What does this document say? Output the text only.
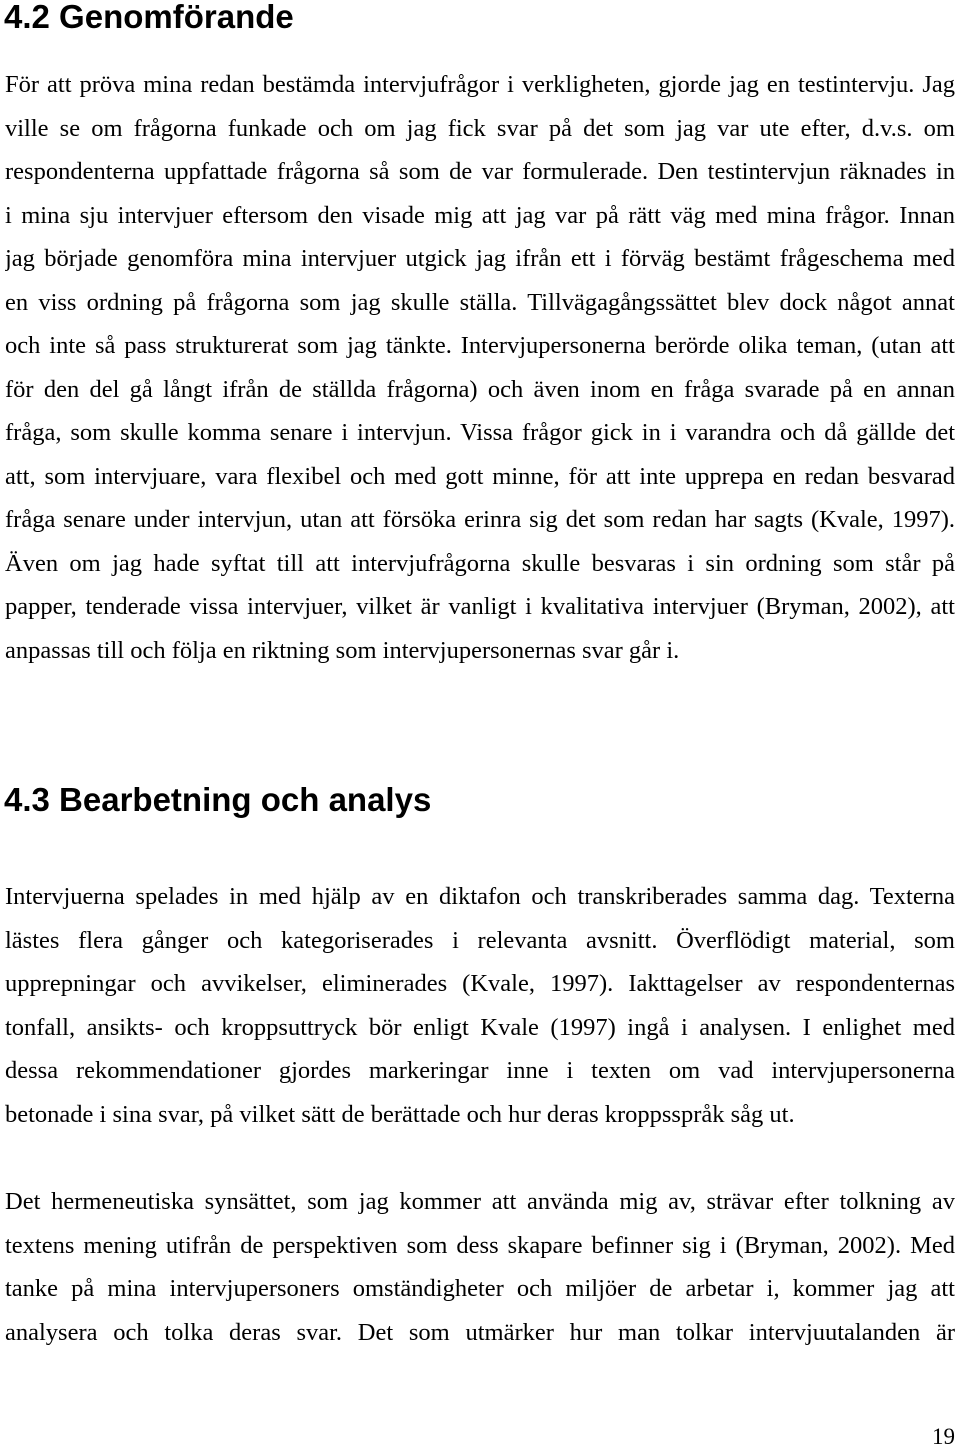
4.2 Genomförande
För att pröva mina redan bestämda intervjufrågor i verkligheten, gjorde jag en testintervju. Jag
ville se om frågorna funkade och om jag fick svar på det som jag var ute efter, d.v.s. om
respondenterna uppfattade frågorna så som de var formulerade. Den testintervjun räknades in
i mina sju intervjuer eftersom den visade mig att jag var på rätt väg med mina frågor. Innan
jag började genomföra mina intervjuer utgick jag ifrån ett i förväg bestämt frågeschema med
en viss ordning på frågorna som jag skulle ställa. Tillvägagångssättet blev dock något annat
och inte så pass strukturerat som jag tänkte. Intervjupersonerna berörde olika teman, (utan att
för den del gå långt ifrån de ställda frågorna) och även inom en fråga svarade på en annan
fråga, som skulle komma senare i intervjun. Vissa frågor gick in i varandra och då gällde det
att, som intervjuare, vara flexibel och med gott minne, för att inte upprepa en redan besvarad
fråga senare under intervjun, utan att försöka erinra sig det som redan har sagts (Kvale, 1997).
Även om jag hade syftat till att intervjufrågorna skulle besvaras i sin ordning som står på
papper, tenderade vissa intervjuer, vilket är vanligt i kvalitativa intervjuer (Bryman, 2002), att
anpassas till och följa en riktning som intervjupersonernas svar går i.
4.3 Bearbetning och analys
Intervjuerna spelades in med hjälp av en diktafon och transkriberades samma dag. Texterna
lästes flera gånger och kategoriserades i relevanta avsnitt. Överflödigt material, som
upprepningar och avvikelser, eliminerades (Kvale, 1997). Iakttagelser av respondenternas
tonfall, ansikts- och kroppsuttryck bör enligt Kvale (1997) ingå i analysen. I enlighet med
dessa rekommendationer gjordes markeringar inne i texten om vad intervjupersonerna
betonade i sina svar, på vilket sätt de berättade och hur deras kroppsspråk såg ut.
Det hermeneutiska synsättet, som jag kommer att använda mig av, strävar efter tolkning av
textens mening utifrån de perspektiven som dess skapare befinner sig i (Bryman, 2002). Med
tanke på mina intervjupersoners omständigheter och miljöer de arbetar i, kommer jag att
analysera och tolka deras svar. Det som utmärker hur man tolkar intervjuutalanden är
19
